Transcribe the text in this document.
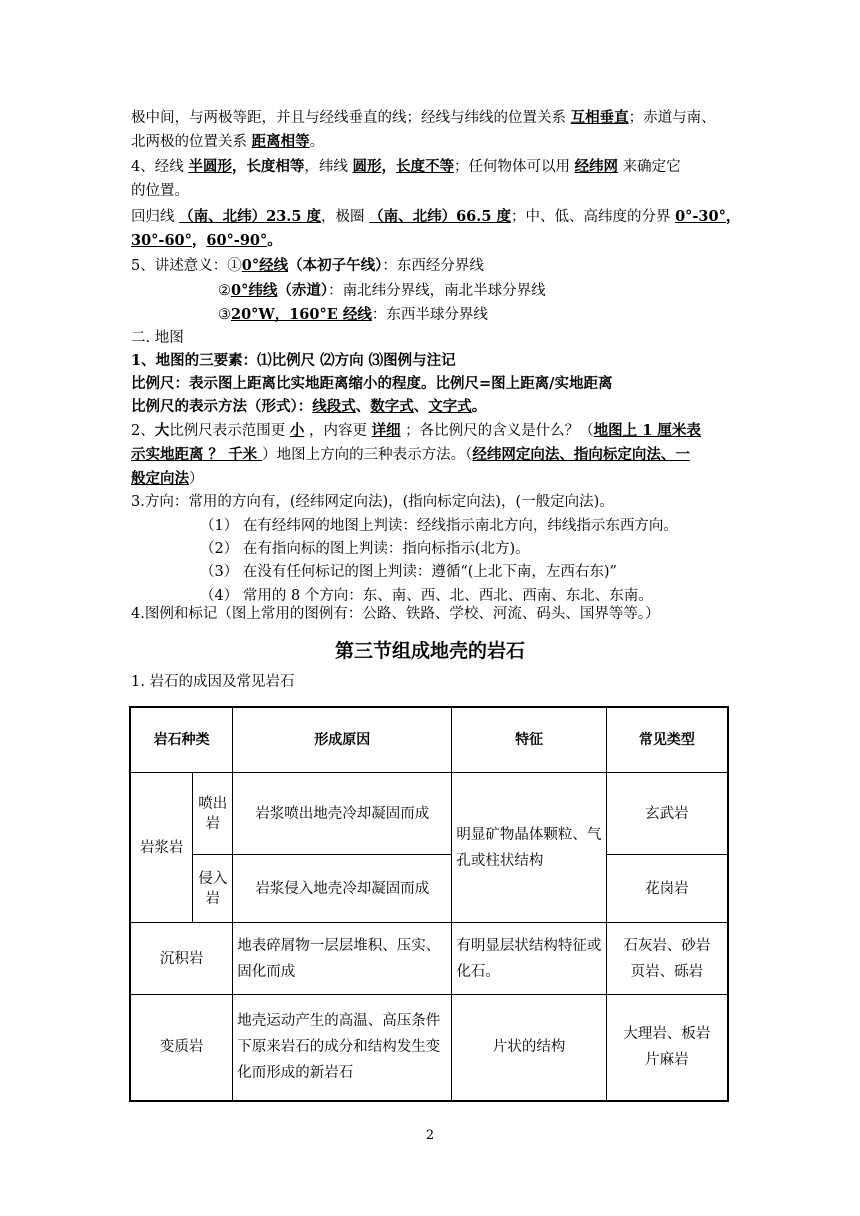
极中间，与两极等距，并且与经线垂直的线；经线与纬线的位置关系 互相垂直；赤道与南、
北两极的位置关系 距离相等。
4、经线 半圆形，长度相等，纬线 圆形，长度不等；任何物体可以用 经纬网 来确定它
的位置。
回归线 （南、北纬）23.5 度，极圈 （南、北纬）66.5 度；中、低、高纬度的分界 0°-30°，
30°-60°，60°-90°。
5、讲述意义：①0°经线（本初子午线）：东西经分界线
②0°纬线（赤道）：南北纬分界线，南北半球分界线
③20°W，160°E 经线：东西半球分界线
二. 地图
1、地图的三要素：⑴比例尺 ⑵方向 ⑶图例与注记
比例尺：表示图上距离比实地距离缩小的程度。比例尺=图上距离/实地距离
比例尺的表示方法（形式）：线段式、数字式、文字式。
2、大比例尺表示范围更 小 ，内容更 详细 ；各比例尺的含义是什么？（地图上 1 厘米表
示实地距离 ？ 千米 ）地图上方向的三种表示方法。（经纬网定向法、指向标定向法、一
般定向法）
3.方向：常用的方向有，(经纬网定向法)，(指向标定向法)，(一般定向法)。
（1） 在有经纬网的地图上判读：经线指示南北方向，纬线指示东西方向。
（2） 在有指向标的图上判读：指向标指示(北方)。
（3） 在没有任何标记的图上判读：遵循“(上北下南，左西右东)”
（4） 常用的 8 个方向：东、南、西、北、西北、西南、东北、东南。
4.图例和标记（图上常用的图例有：公路、铁路、学校、河流、码头、国界等等。）
第三节组成地壳的岩石
1. 岩石的成因及常见岩石
岩石种类		形成原因	特征	常见类型
岩浆岩	喷出岩	岩浆喷出地壳冷却凝固而成	明显矿物晶体颗粒、气孔或柱状结构	玄武岩
	侵入岩	岩浆侵入地壳冷却凝固而成		花岗岩
沉积岩		地表碎屑物一层层堆积、压实、固化而成	有明显层状结构特征或化石。	石灰岩、砂岩
页岩、砾岩

变质岩		地壳运动产生的高温、高压条件下原来岩石的成分和结构发生变化而形成的新岩石	片状的结构	大理岩、板岩
片麻岩
2
